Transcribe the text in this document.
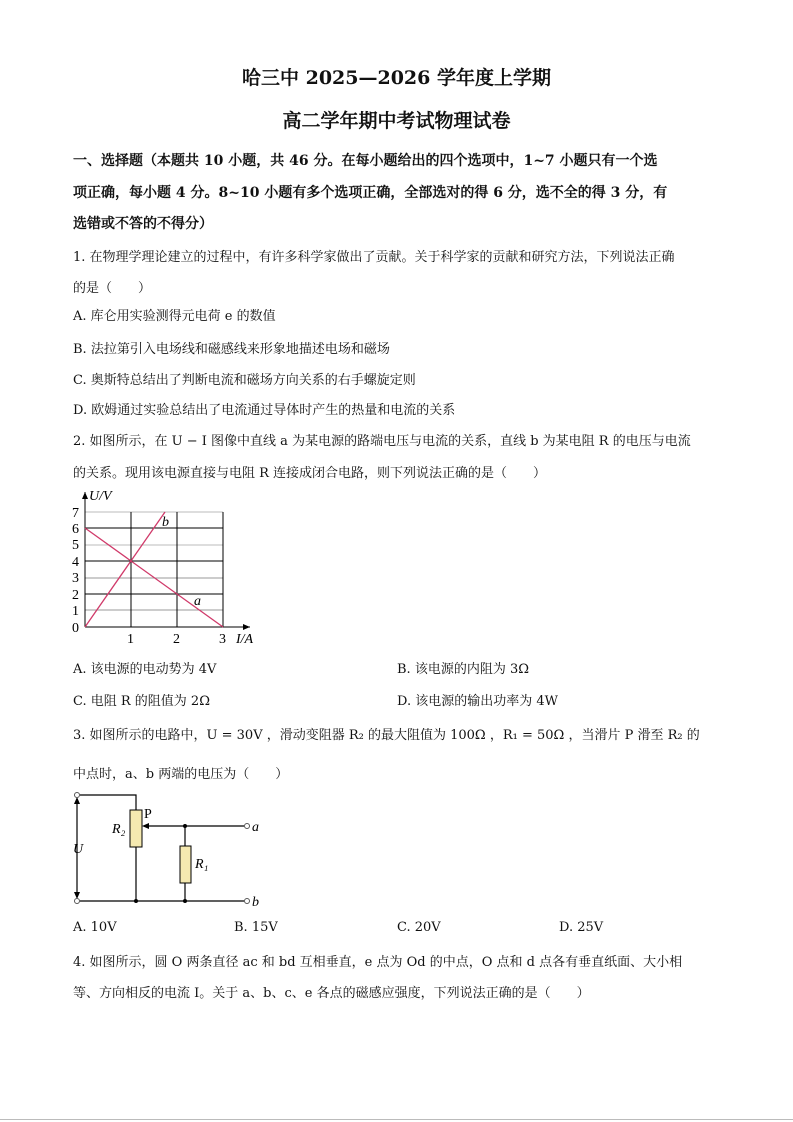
哈三中 2025—2026 学年度上学期
高二学年期中考试物理试卷
一、选择题（本题共 10 小题，共 46 分。在每小题给出的四个选项中，1~7 小题只有一个选
项正确，每小题 4 分。8~10 小题有多个选项正确，全部选对的得 6 分，选不全的得 3 分，有
选错或不答的不得分）
1. 在物理学理论建立的过程中，有许多科学家做出了贡献。关于科学家的贡献和研究方法，下列说法正确
的是（　　）
A. 库仑用实验测得元电荷 e 的数值
B. 法拉第引入电场线和磁感线来形象地描述电场和磁场
C. 奥斯特总结出了判断电流和磁场方向关系的右手螺旋定则
D. 欧姆通过实验总结出了电流通过导体时产生的热量和电流的关系
2. 如图所示，在 U − I 图像中直线 a 为某电源的路端电压与电流的关系，直线 b 为某电阻 R 的电压与电流
的关系。现用该电源直接与电阻 R 连接成闭合电路，则下列说法正确的是（　　）
U/V
I/A
b
a
0
1
2
3
4
5
6
7
1	2	3
A. 该电源的电动势为 4V	B. 该电源的内阻为 3Ω
C. 电阻 R 的阻值为 2Ω	D. 该电源的输出功率为 4W
3. 如图所示的电路中，U = 30V ，滑动变阻器 R₂ 的最大阻值为 100Ω ，R₁ = 50Ω ，当滑片 P 滑至 R₂ 的
中点时，a、b 两端的电压为（　　）
U
R₂
R₁
P
a
b
A. 10V	B. 15V	C. 20V	D. 25V
4. 如图所示，圆 O 两条直径 ac 和 bd 互相垂直，e 点为 Od 的中点，O 点和 d 点各有垂直纸面、大小相
等、方向相反的电流 I。关于 a、b、c、e 各点的磁感应强度，下列说法正确的是（　　）
